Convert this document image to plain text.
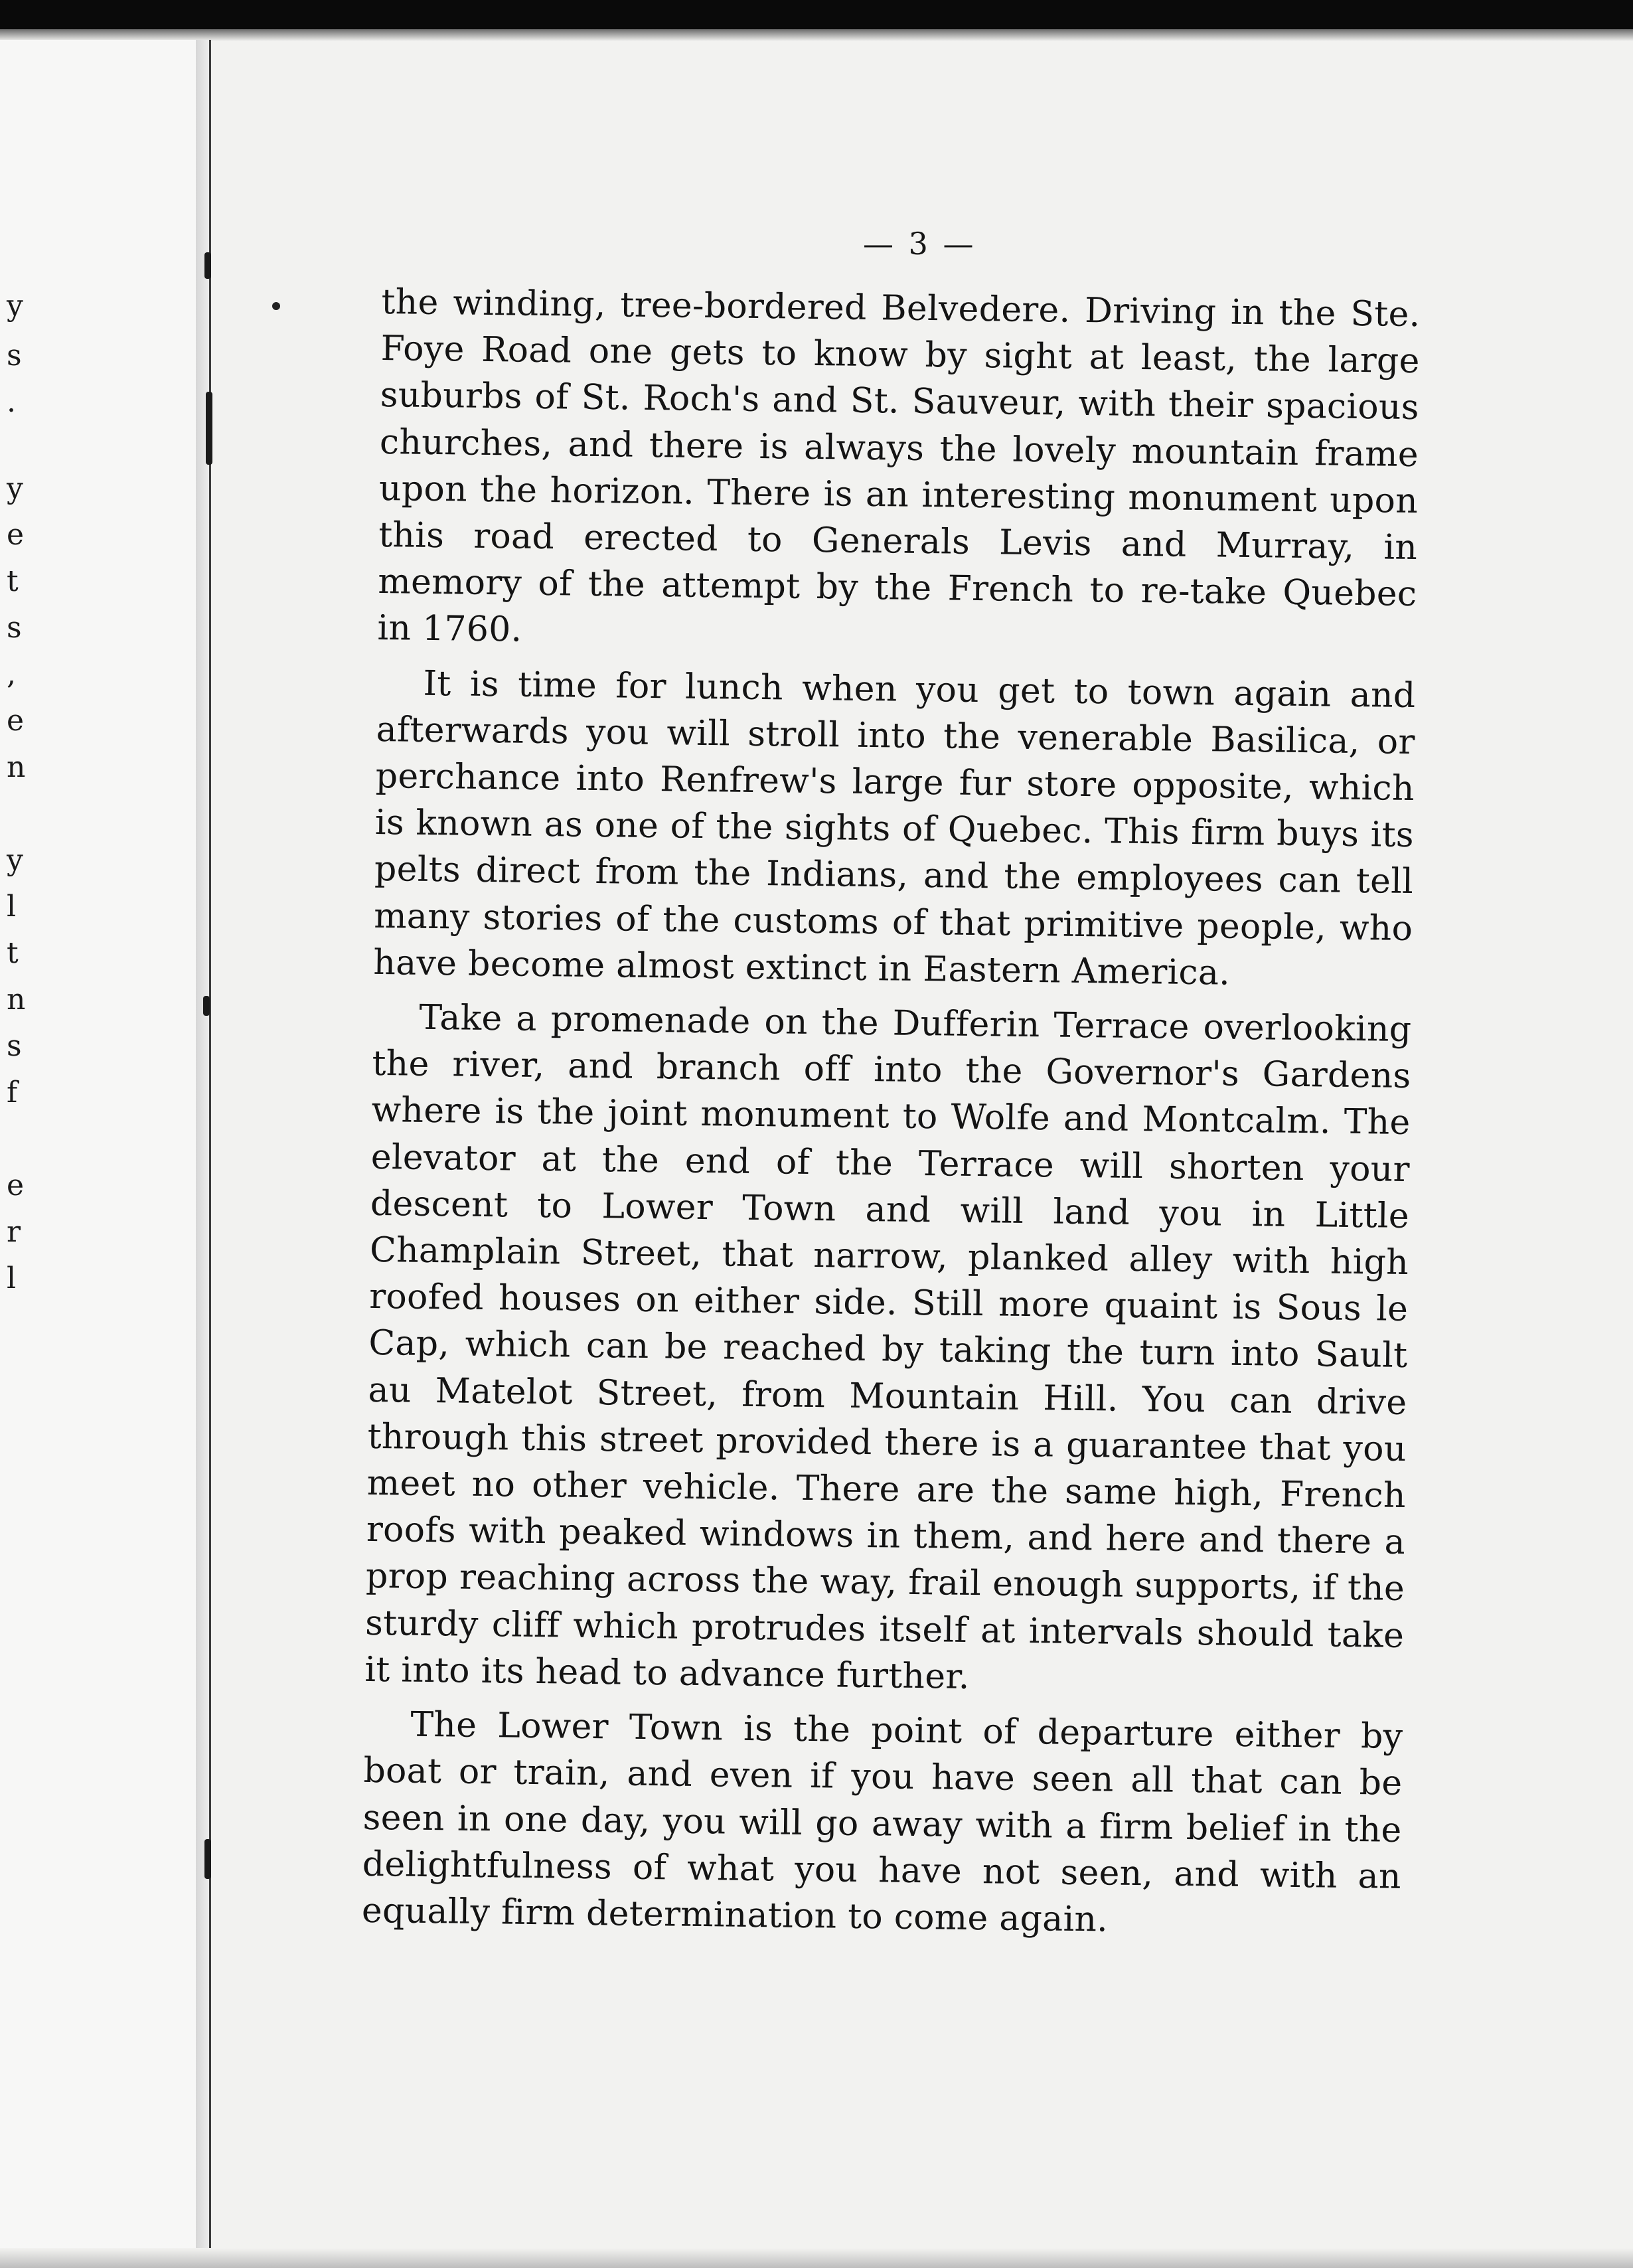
y
s
.
y
e
t
s
,
e
n
y
l
t
n
s
f
e
r
l
— 3 —

the winding, tree-bordered Belvedere. Driving in the Ste. Foye Road one gets to know by sight at least, the large suburbs of St. Roch's and St. Sauveur, with their spacious churches, and there is always the lovely mountain frame upon the horizon. There is an interesting monument upon this road erected to Generals Levis and Murray, in memory of the attempt by the French to re-take Quebec in 1760.

It is time for lunch when you get to town again and afterwards you will stroll into the venerable Basilica, or perchance into Renfrew's large fur store opposite, which is known as one of the sights of Quebec. This firm buys its pelts direct from the Indians, and the employees can tell many stories of the customs of that primitive people, who have become almost extinct in Eastern America.

Take a promenade on the Dufferin Terrace overlooking the river, and branch off into the Governor's Gardens where is the joint monument to Wolfe and Montcalm. The elevator at the end of the Terrace will shorten your descent to Lower Town and will land you in Little Champlain Street, that narrow, planked alley with high roofed houses on either side. Still more quaint is Sous le Cap, which can be reached by taking the turn into Sault au Matelot Street, from Mountain Hill. You can drive through this street provided there is a guarantee that you meet no other vehicle. There are the same high, French roofs with peaked windows in them, and here and there a prop reaching across the way, frail enough supports, if the sturdy cliff which protrudes itself at intervals should take it into its head to advance further.

The Lower Town is the point of departure either by boat or train, and even if you have seen all that can be seen in one day, you will go away with a firm belief in the delightfulness of what you have not seen, and with an equally firm determination to come again.
